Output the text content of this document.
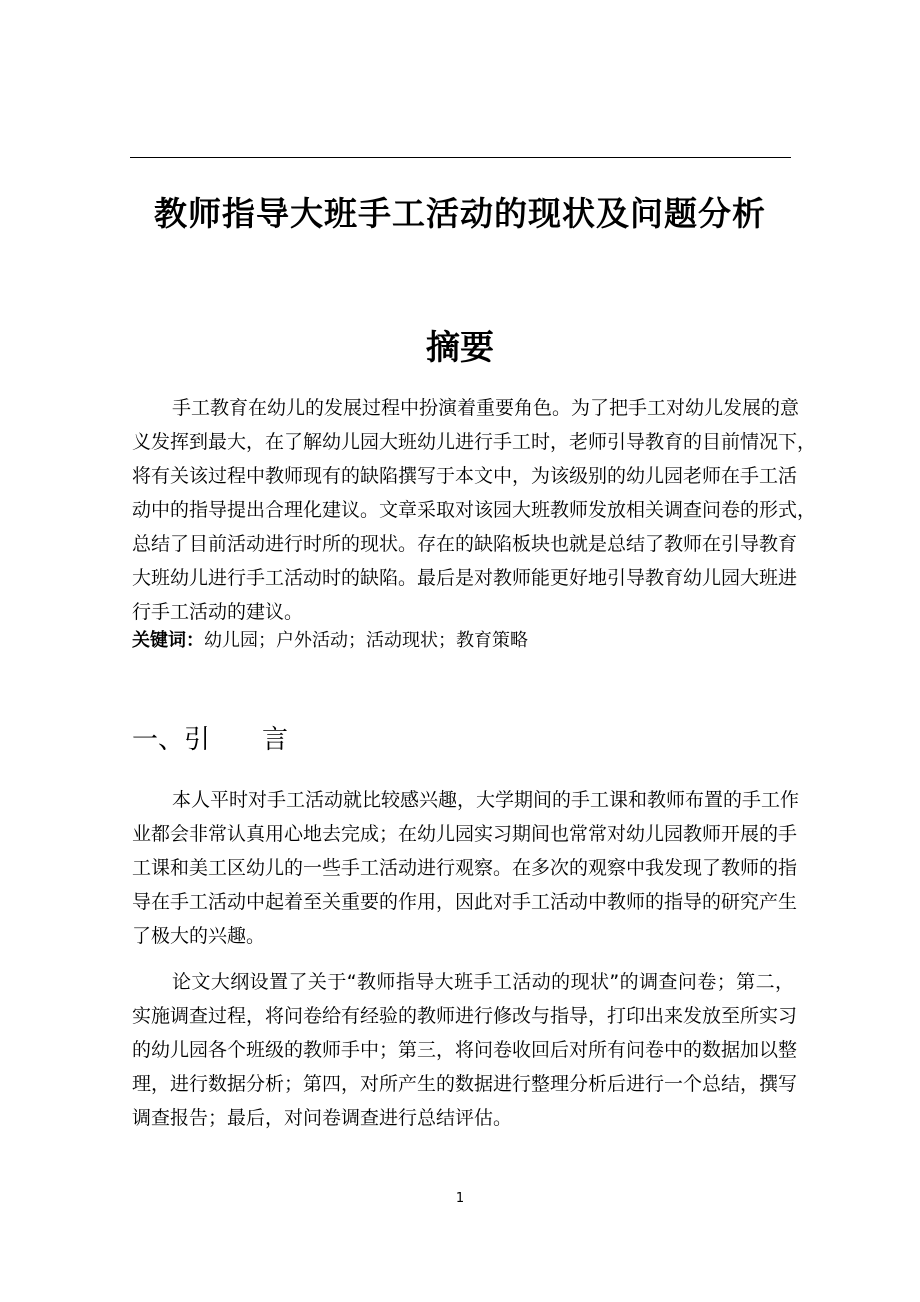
教师指导大班手工活动的现状及问题分析
摘要
手工教育在幼儿的发展过程中扮演着重要角色。为了把手工对幼儿发展的意
义发挥到最大，在了解幼儿园大班幼儿进行手工时，老师引导教育的目前情况下，
将有关该过程中教师现有的缺陷撰写于本文中，为该级别的幼儿园老师在手工活
动中的指导提出合理化建议。文章采取对该园大班教师发放相关调查问卷的形式，
总结了目前活动进行时所的现状。存在的缺陷板块也就是总结了教师在引导教育
大班幼儿进行手工活动时的缺陷。最后是对教师能更好地引导教育幼儿园大班进
行手工活动的建议。
关键词：幼儿园；户外活动；活动现状；教育策略
一、引　　言
本人平时对手工活动就比较感兴趣，大学期间的手工课和教师布置的手工作
业都会非常认真用心地去完成；在幼儿园实习期间也常常对幼儿园教师开展的手
工课和美工区幼儿的一些手工活动进行观察。在多次的观察中我发现了教师的指
导在手工活动中起着至关重要的作用，因此对手工活动中教师的指导的研究产生
了极大的兴趣。
论文大纲设置了关于“教师指导大班手工活动的现状”的调查问卷；第二，
实施调查过程，将问卷给有经验的教师进行修改与指导，打印出来发放至所实习
的幼儿园各个班级的教师手中；第三，将问卷收回后对所有问卷中的数据加以整
理，进行数据分析；第四，对所产生的数据进行整理分析后进行一个总结，撰写
调查报告；最后，对问卷调查进行总结评估。
1
